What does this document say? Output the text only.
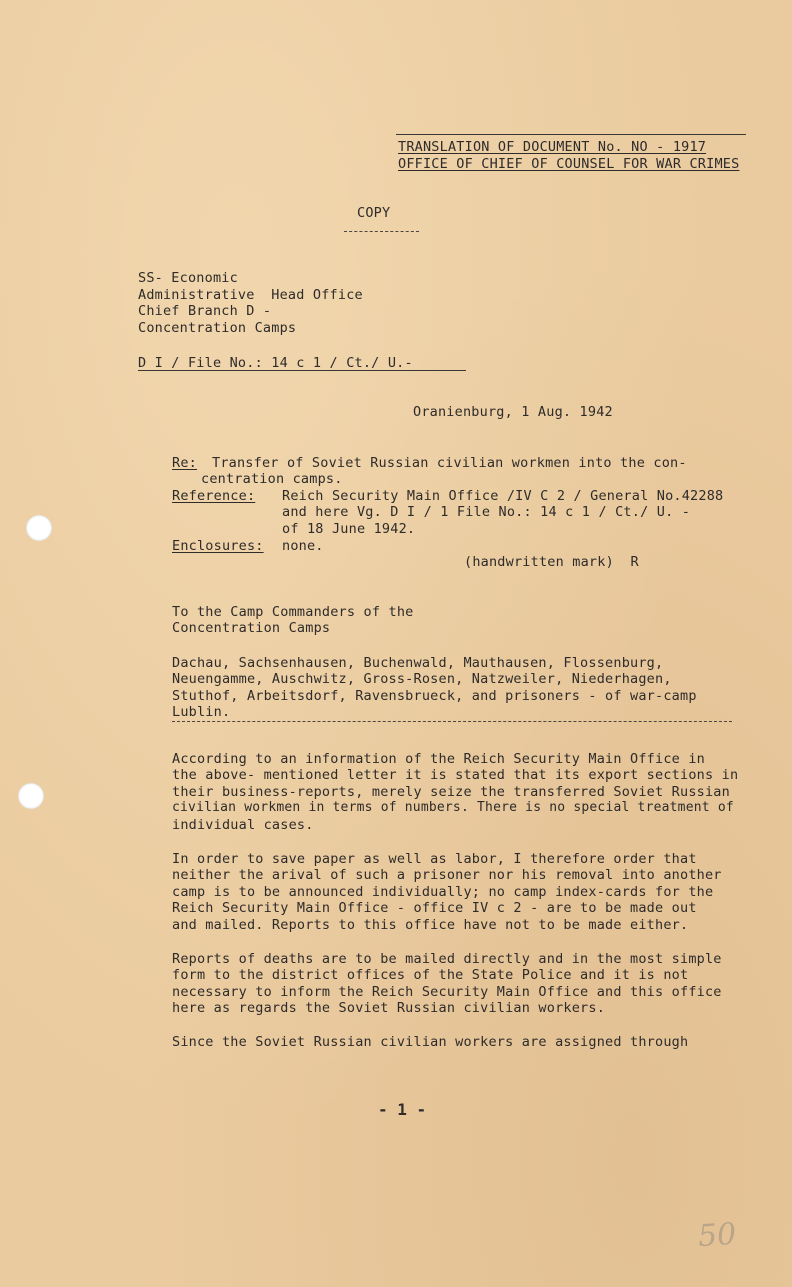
TRANSLATION OF DOCUMENT No. NO - 1917
OFFICE OF CHIEF OF COUNSEL FOR WAR CRIMES
COPY
SS- Economic
Administrative  Head Office
Chief Branch D -
Concentration Camps
D I / File No.: 14 c 1 / Ct./ U.-
Oranienburg, 1 Aug. 1942
Re: Transfer of Soviet Russian civilian workmen into the con-
centration camps.
Reference: Reich Security Main Office /IV C 2 / General No.42288
and here Vg. D I / 1 File No.: 14 c 1 / Ct./ U. -
of 18 June 1942.
Enclosures: none.
(handwritten mark)  R
To the Camp Commanders of the
Concentration Camps
Dachau, Sachsenhausen, Buchenwald, Mauthausen, Flossenburg,
Neuengamme, Auschwitz, Gross-Rosen, Natzweiler, Niederhagen,
Stuthof, Arbeitsdorf, Ravensbrueck, and prisoners - of war-camp
Lublin.
According to an information of the Reich Security Main Office in
the above- mentioned letter it is stated that its export sections in
their business-reports, merely seize the transferred Soviet Russian
civilian workmen in terms of numbers. There is no special treatment of
individual cases.
In order to save paper as well as labor, I therefore order that
neither the arival of such a prisoner nor his removal into another
camp is to be announced individually; no camp index-cards for the
Reich Security Main Office - office IV c 2 - are to be made out
and mailed. Reports to this office have not to be made either.
Reports of deaths are to be mailed directly and in the most simple
form to the district offices of the State Police and it is not
necessary to inform the Reich Security Main Office and this office
here as regards the Soviet Russian civilian workers.
Since the Soviet Russian civilian workers are assigned through
- 1 -
50
